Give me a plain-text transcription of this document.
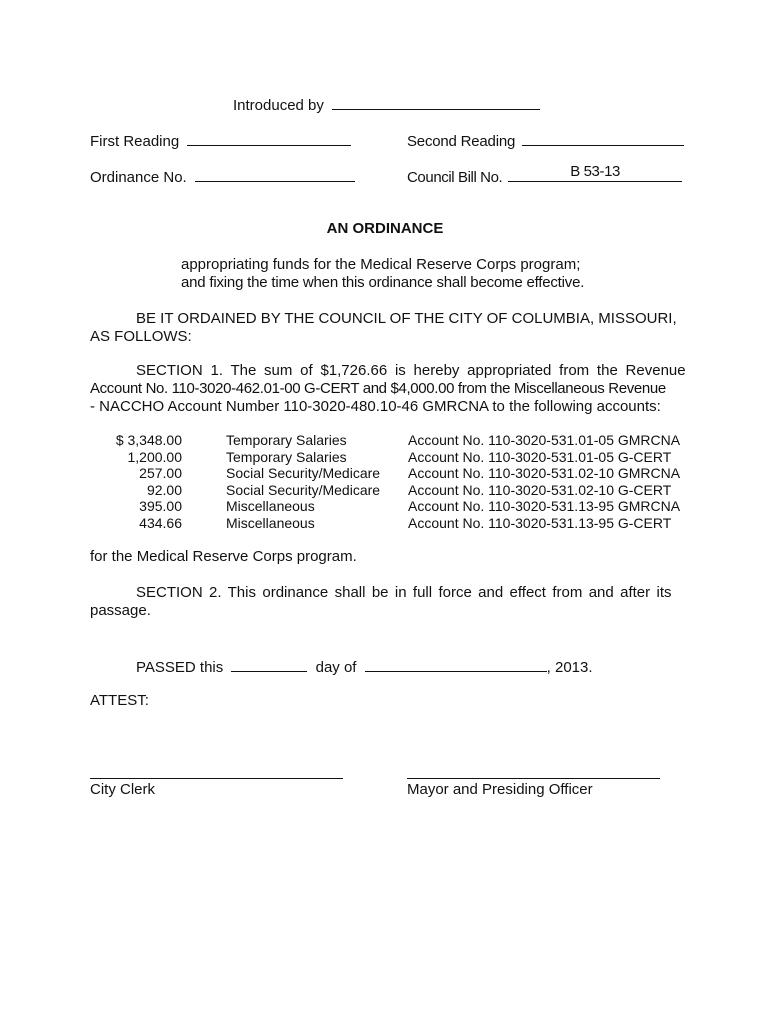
Introduced by
First Reading	Second Reading
Ordinance No.	Council Bill No.	B 53-13
AN ORDINANCE
appropriating funds for the Medical Reserve Corps program;
and fixing the time when this ordinance shall become effective.
BE IT ORDAINED BY THE COUNCIL OF THE CITY OF COLUMBIA, MISSOURI,
AS FOLLOWS:
SECTION 1. The sum of $1,726.66 is hereby appropriated from the Revenue
Account No. 110-3020-462.01-00 G-CERT and $4,000.00 from the Miscellaneous Revenue
- NACCHO Account Number 110-3020-480.10-46 GMRCNA to the following accounts:
$ 3,348.00	Temporary Salaries	Account No. 110-3020-531.01-05 GMRCNA
1,200.00	Temporary Salaries	Account No. 110-3020-531.01-05 G-CERT
257.00	Social Security/Medicare	Account No. 110-3020-531.02-10 GMRCNA
92.00	Social Security/Medicare	Account No. 110-3020-531.02-10 G-CERT
395.00	Miscellaneous	Account No. 110-3020-531.13-95 GMRCNA
434.66	Miscellaneous	Account No. 110-3020-531.13-95 G-CERT
for the Medical Reserve Corps program.
SECTION 2. This ordinance shall be in full force and effect from and after its
passage.
PASSED this	day of	, 2013.
ATTEST:
City Clerk	Mayor and Presiding Officer
